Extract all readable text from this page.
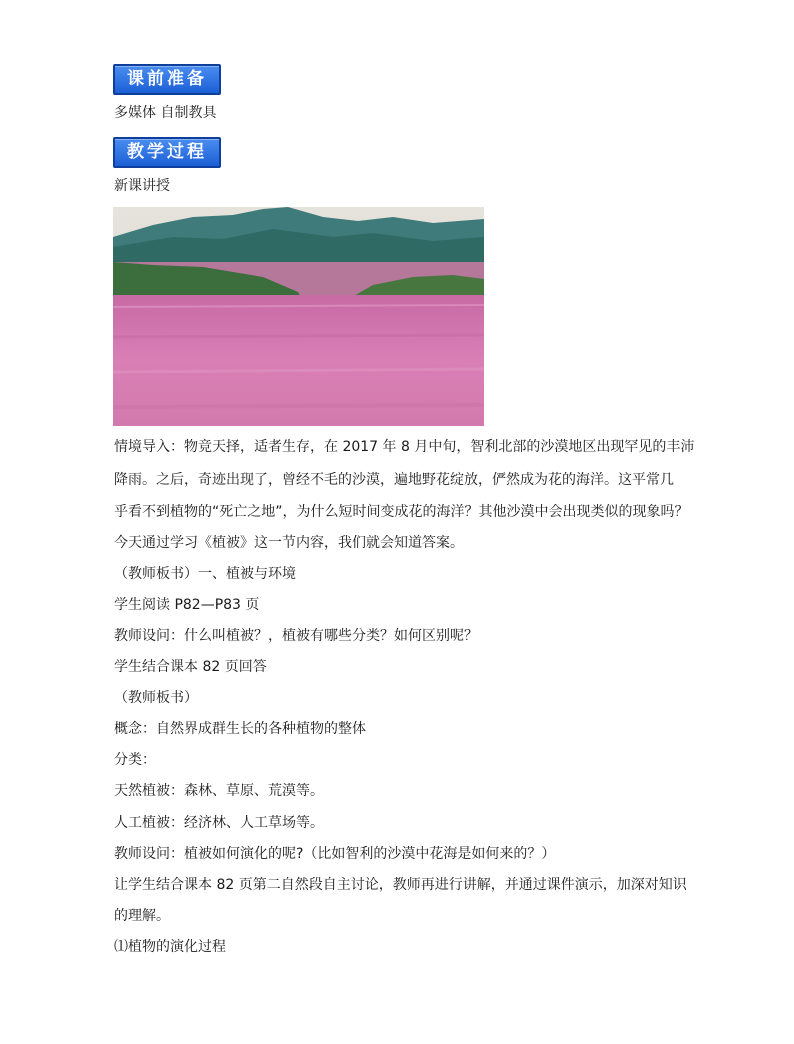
课前准备
多媒体 自制教具
教学过程
新课讲授
情境导入：物竞天择，适者生存，在 2017 年 8 月中旬，智利北部的沙漠地区出现罕见的丰沛
降雨。之后，奇迹出现了，曾经不毛的沙漠，遍地野花绽放，俨然成为花的海洋。这平常几
乎看不到植物的“死亡之地”，为什么短时间变成花的海洋？其他沙漠中会出现类似的现象吗？
今天通过学习《植被》这一节内容，我们就会知道答案。
（教师板书）一、植被与环境
学生阅读 P82—P83 页
教师设问：什么叫植被？，植被有哪些分类？如何区别呢？
学生结合课本 82 页回答
（教师板书）
概念：自然界成群生长的各种植物的整体
分类：
天然植被：森林、草原、荒漠等。
人工植被：经济林、人工草场等。
教师设问：植被如何演化的呢?（比如智利的沙漠中花海是如何来的？）
让学生结合课本 82 页第二自然段自主讨论，教师再进行讲解，并通过课件演示，加深对知识
的理解。
⑴植物的演化过程
